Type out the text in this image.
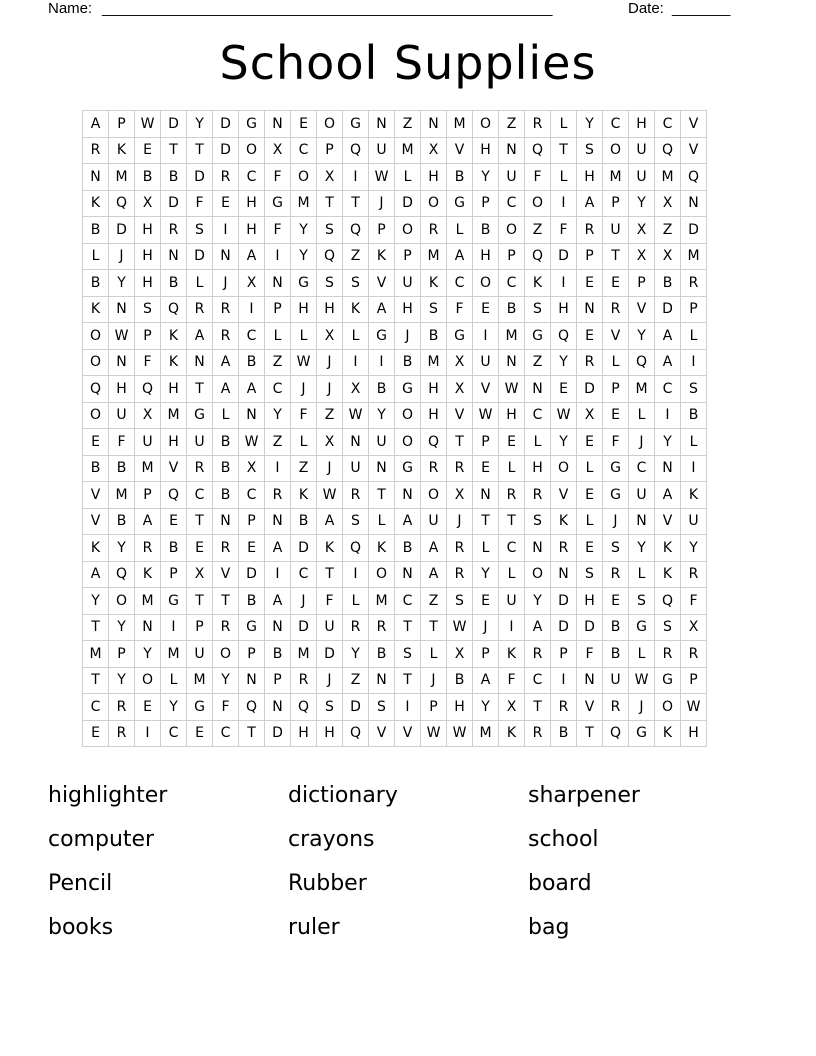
Name: ______________________________________________________	Date: _______
School Supplies
A	P	W	D	Y	D	G	N	E	O	G	N	Z	N	M	O	Z	R	L	Y	C	H	C	V
R	K	E	T	T	D	O	X	C	P	Q	U	M	X	V	H	N	Q	T	S	O	U	Q	V
N	M	B	B	D	R	C	F	O	X	I	W	L	H	B	Y	U	F	L	H	M	U	M	Q
K	Q	X	D	F	E	H	G	M	T	T	J	D	O	G	P	C	O	I	A	P	Y	X	N
B	D	H	R	S	I	H	F	Y	S	Q	P	O	R	L	B	O	Z	F	R	U	X	Z	D
L	J	H	N	D	N	A	I	Y	Q	Z	K	P	M	A	H	P	Q	D	P	T	X	X	M
B	Y	H	B	L	J	X	N	G	S	S	V	U	K	C	O	C	K	I	E	E	P	B	R
K	N	S	Q	R	R	I	P	H	H	K	A	H	S	F	E	B	S	H	N	R	V	D	P
O	W	P	K	A	R	C	L	L	X	L	G	J	B	G	I	M	G	Q	E	V	Y	A	L
O	N	F	K	N	A	B	Z	W	J	I	I	B	M	X	U	N	Z	Y	R	L	Q	A	I
Q	H	Q	H	T	A	A	C	J	J	X	B	G	H	X	V	W	N	E	D	P	M	C	S
O	U	X	M	G	L	N	Y	F	Z	W	Y	O	H	V	W	H	C	W	X	E	L	I	B
E	F	U	H	U	B	W	Z	L	X	N	U	O	Q	T	P	E	L	Y	E	F	J	Y	L
B	B	M	V	R	B	X	I	Z	J	U	N	G	R	R	E	L	H	O	L	G	C	N	I
V	M	P	Q	C	B	C	R	K	W	R	T	N	O	X	N	R	R	V	E	G	U	A	K
V	B	A	E	T	N	P	N	B	A	S	L	A	U	J	T	T	S	K	L	J	N	V	U
K	Y	R	B	E	R	E	A	D	K	Q	K	B	A	R	L	C	N	R	E	S	Y	K	Y
A	Q	K	P	X	V	D	I	C	T	I	O	N	A	R	Y	L	O	N	S	R	L	K	R
Y	O	M	G	T	T	B	A	J	F	L	M	C	Z	S	E	U	Y	D	H	E	S	Q	F
T	Y	N	I	P	R	G	N	D	U	R	R	T	T	W	J	I	A	D	D	B	G	S	X
M	P	Y	M	U	O	P	B	M	D	Y	B	S	L	X	P	K	R	P	F	B	L	R	R
T	Y	O	L	M	Y	N	P	R	J	Z	N	T	J	B	A	F	C	I	N	U	W	G	P
C	R	E	Y	G	F	Q	N	Q	S	D	S	I	P	H	Y	X	T	R	V	R	J	O	W
E	R	I	C	E	C	T	D	H	H	Q	V	V	W	W	M	K	R	B	T	Q	G	K	H
highlighter	dictionary	sharpener
computer	crayons	school
Pencil	Rubber	board
books	ruler	bag
